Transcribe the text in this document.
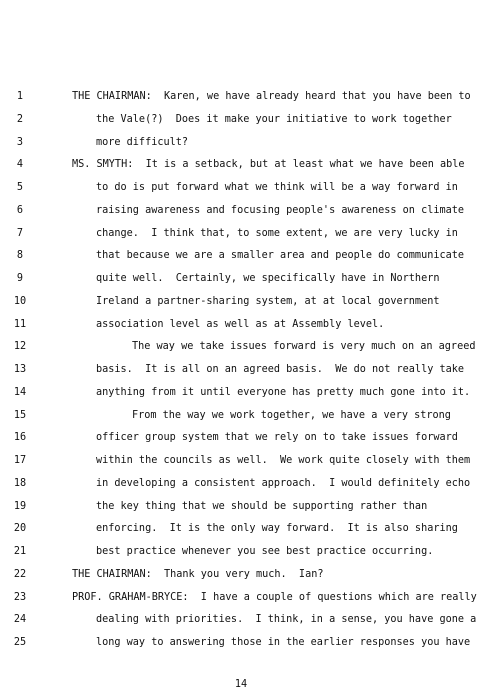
1	THE CHAIRMAN:  Karen, we have already heard that you have been to
2	the Vale(?)  Does it make your initiative to work together
3	more difficult?
4	MS. SMYTH:  It is a setback, but at least what we have been able
5	to do is put forward what we think will be a way forward in
6	raising awareness and focusing people's awareness on climate
7	change.  I think that, to some extent, we are very lucky in
8	that because we are a smaller area and people do communicate
9	quite well.  Certainly, we specifically have in Northern
10	Ireland a partner-sharing system, at at local government
11	association level as well as at Assembly level.
12	The way we take issues forward is very much on an agreed
13	basis.  It is all on an agreed basis.  We do not really take
14	anything from it until everyone has pretty much gone into it.
15	From the way we work together, we have a very strong
16	officer group system that we rely on to take issues forward
17	within the councils as well.  We work quite closely with them
18	in developing a consistent approach.  I would definitely echo
19	the key thing that we should be supporting rather than
20	enforcing.  It is the only way forward.  It is also sharing
21	best practice whenever you see best practice occurring.
22	THE CHAIRMAN:  Thank you very much.  Ian?
23	PROF. GRAHAM-BRYCE:  I have a couple of questions which are really
24	dealing with priorities.  I think, in a sense, you have gone a
25	long way to answering those in the earlier responses you have
14
